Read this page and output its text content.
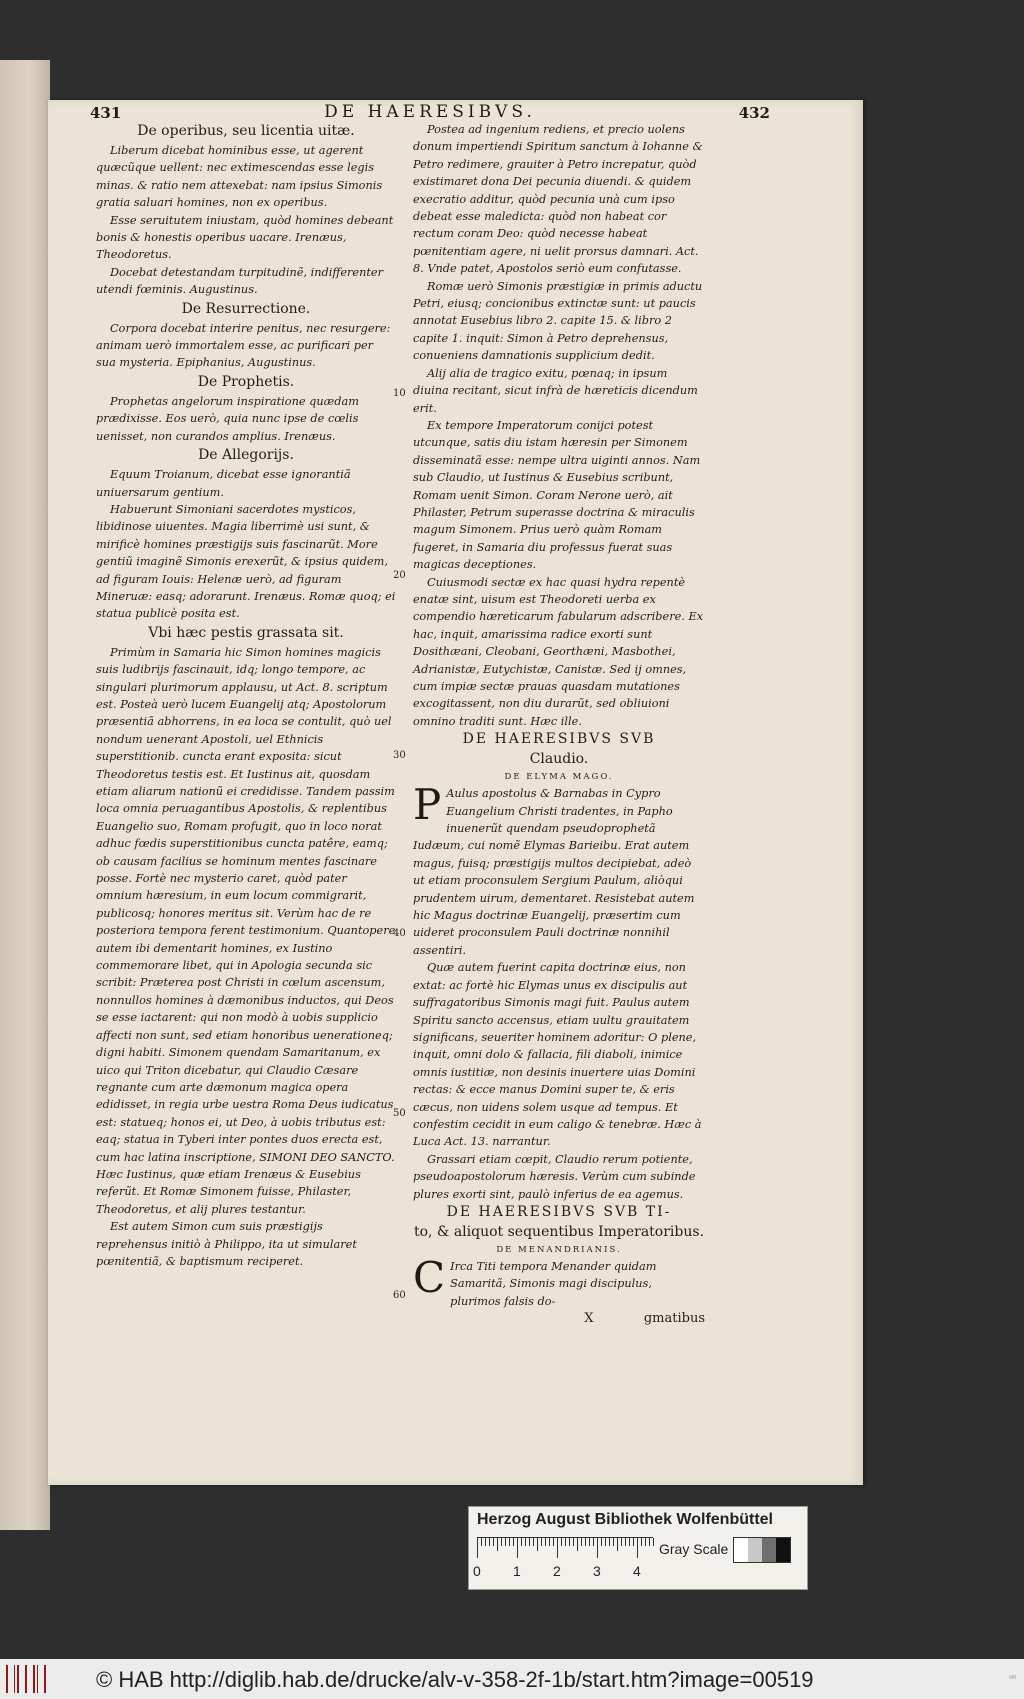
431	DE HAERESIBVS.	432

De operibus, seu licentia uitæ.

Liberum dicebat hominibus esse, ut agerent quæcũque uellent: nec extimescendas esse legis minas. & ratio nem attexebat: nam ipsius Simonis gratia saluari homines, non ex operibus.

Esse seruitutem iniustam, quòd homines debeant bonis & honestis operibus uacare. Irenæus, Theodoretus.

Docebat detestandam turpitudinẽ, indifferenter utendi fœminis. Augustinus.

De Resurrectione.

Corpora docebat interire penitus, nec resurgere: animam uerò immortalem esse, ac purificari per sua mysteria. Epiphanius, Augustinus.

De Prophetis.

Prophetas angelorum inspiratione quædam prædixisse. Eos uerò, quia nunc ipse de cœlis uenisset, non curandos amplius. Irenæus.

De Allegorijs.

Equum Troianum, dicebat esse ignorantiã uniuersarum gentium.

Habuerunt Simoniani sacerdotes mysticos, libidinose uiuentes. Magia liberrimè usi sunt, & mirificè homines præstigijs suis fascinarũt. More gentiũ imaginẽ Simonis erexerũt, & ipsius quidem, ad figuram Iouis: Helenæ uerò, ad figuram Mineruæ: easq; adorarunt. Irenæus. Romæ quoq; ei statua publicè posita est.

Vbi hæc pestis grassata sit.

Primùm in Samaria hic Simon homines magicis suis ludibrijs fascinauit, idq; longo tempore, ac singulari plurimorum applausu, ut Act. 8. scriptum est. Posteà uerò lucem Euangelij atq; Apostolorum præsentiã abhorrens, in ea loca se contulit, quò uel nondum uenerant Apostoli, uel Ethnicis superstitionib. cuncta erant exposita: sicut Theodoretus testis est. Et Iustinus ait, quosdam etiam aliarum nationũ ei credidisse. Tandem passim loca omnia peruagantibus Apostolis, & replentibus Euangelio suo, Romam profugit, quo in loco norat adhuc fœdis superstitionibus cuncta patêre, eamq; ob causam facilius se hominum mentes fascinare posse. Fortè nec mysterio caret, quòd pater omnium hæresium, in eum locum commigrarit, publicosq; honores meritus sit. Verùm hac de re posteriora tempora ferent testimonium. Quantopere autem ibi dementarit homines, ex Iustino commemorare libet, qui in Apologia secunda sic scribit: Præterea post Christi in cœlum ascensum, nonnullos homines à dæmonibus inductos, qui Deos se esse iactarent: qui non modò à uobis supplicio affecti non sunt, sed etiam honoribus uenerationeq; digni habiti. Simonem quendam Samaritanum, ex uico qui Triton dicebatur, qui Claudio Cæsare regnante cum arte dæmonum magica opera edidisset, in regia urbe uestra Roma Deus iudicatus est: statueq; honos ei, ut Deo, à uobis tributus est: eaq; statua in Tyberi inter pontes duos erecta est, cum hac latina inscriptione, SIMONI DEO SANCTO. Hæc Iustinus, quæ etiam Irenæus & Eusebius referũt. Et Romæ Simonem fuisse, Philaster, Theodoretus, et alij plures testantur.

Est autem Simon cum suis præstigijs reprehensus initiò à Philippo, ita ut simularet pœnitentiã, & baptismum reciperet.

Postea ad ingenium rediens, et precio uolens donum impertiendi Spiritum sanctum à Iohanne & Petro redimere, grauiter à Petro increpatur, quòd existimaret dona Dei pecunia diuendi. & quidem execratio additur, quòd pecunia unà cum ipso debeat esse maledicta: quòd non habeat cor rectum coram Deo: quòd necesse habeat pœnitentiam agere, ni uelit prorsus damnari. Act. 8. Vnde patet, Apostolos seriò eum confutasse.

Romæ uerò Simonis præstigiæ in primis aductu Petri, eiusq; concionibus extinctæ sunt: ut paucis annotat Eusebius libro 2. capite 15. & libro 2 capite 1. inquit: Simon à Petro deprehensus, conueniens damnationis supplicium dedit.

Alij alia de tragico exitu, pœnaq; in ipsum diuina recitant, sicut infrà de hæreticis dicendum erit.

Ex tempore Imperatorum conijci potest utcunque, satis diu istam hæresin per Simonem disseminatã esse: nempe ultra uiginti annos. Nam sub Claudio, ut Iustinus & Eusebius scribunt, Romam uenit Simon. Coram Nerone uerò, ait Philaster, Petrum superasse doctrina & miraculis magum Simonem. Prius uerò quàm Romam fugeret, in Samaria diu professus fuerat suas magicas deceptiones.

Cuiusmodi sectæ ex hac quasi hydra repentè enatæ sint, uisum est Theodoreti uerba ex compendio hæreticarum fabularum adscribere. Ex hac, inquit, amarissima radice exorti sunt Dosithæani, Cleobani, Georthæni, Masbothei, Adrianistæ, Eutychistæ, Canistæ. Sed ij omnes, cum impiæ sectæ prauas quasdam mutationes excogitassent, non diu durarũt, sed obliuioni omnino traditi sunt. Hæc ille.

DE HAERESIBVS SVB

Claudio.

DE ELYMA MAGO.

P Aulus apostolus & Barnabas in Cypro Euangelium Christi tradentes, in Papho inuenerũt quendam pseudoprophetã Iudæum, cui nomẽ Elymas Barieibu. Erat autem magus, fuisq; præstigijs multos decipiebat, adeò ut etiam proconsulem Sergium Paulum, aliòqui prudentem uirum, dementaret. Resistebat autem hic Magus doctrinæ Euangelij, præsertim cum uideret proconsulem Pauli doctrinæ nonnihil assentiri.

Quæ autem fuerint capita doctrinæ eius, non extat: ac fortè hic Elymas unus ex discipulis aut suffragatoribus Simonis magi fuit. Paulus autem Spiritu sancto accensus, etiam uultu grauitatem significans, seueriter hominem adoritur: O plene, inquit, omni dolo & fallacia, fili diaboli, inimice omnis iustitiæ, non desinis inuertere uias Domini rectas: & ecce manus Domini super te, & eris cæcus, non uidens solem usque ad tempus. Et confestim cecidit in eum caligo & tenebræ. Hæc à Luca Act. 13. narrantur.

Grassari etiam cœpit, Claudio rerum potiente, pseudoapostolorum hæresis. Verùm cum subinde plures exorti sint, paulò inferius de ea agemus.

DE HAERESIBVS SVB TI-

to, & aliquot sequentibus Imperatoribus.

DE MENANDRIANIS.

C Irca Titi tempora Menander quidam Samaritã, Simonis magi discipulus, plurimos falsis do-

X	gmatibus

10
20
30
40
50
60
Herzog August Bibliothek Wolfenbüttel
0 1 2 3 4
Gray Scale
© HAB http://diglib.hab.de/drucke/alv-v-358-2f-1b/start.htm?image=00519	ᵉᵒᵗ
